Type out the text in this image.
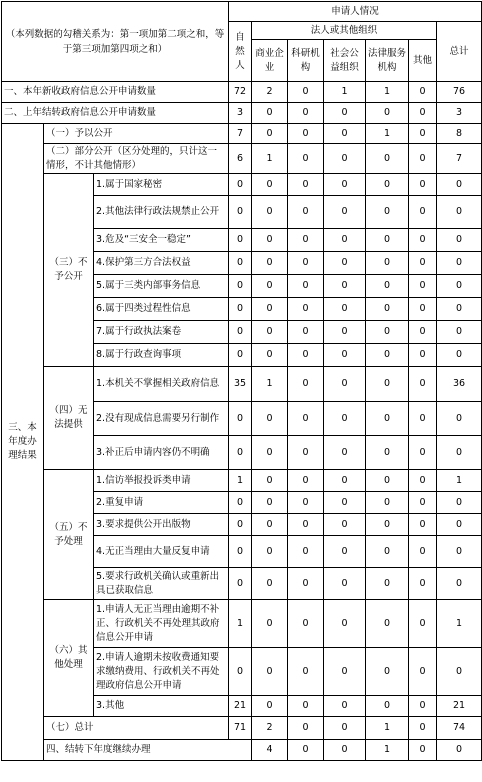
（本列数据的勾稽关系为：第一项加第二项之和，等于第三项加第四项之和）			申请人情况							
			自然人	法人或其他组织					总计	
				商业企业	科研机构	社会公益组织	法律服务机构	其他		
一、本年新收政府信息公开申请数量			72	2	0	1	1	0	76	
二、上年结转政府信息公开申请数量			3	0	0	0	0	0	3	
三、本年度办理结果	（一）予以公开		7	0	0	0	1	0	8	
	（二）部分公开（区分处理的，只计这一情形，不计其他情形）		6	1	0	0	0	0	7	
	（三）不予公开	1.属于国家秘密	0	0	0	0	0	0	0	
		2.其他法律行政法规禁止公开	0	0	0	0	0	0	0	
		3.危及“三安全一稳定”	0	0	0	0	0	0	0	
		4.保护第三方合法权益	0	0	0	0	0	0	0	
		5.属于三类内部事务信息	0	0	0	0	0	0	0	
		6.属于四类过程性信息	0	0	0	0	0	0	0	
		7.属于行政执法案卷	0	0	0	0	0	0	0	
		8.属于行政查询事项	0	0	0	0	0	0	0	
	（四）无法提供	1.本机关不掌握相关政府信息	35	1	0	0	0	0	36	
		2.没有现成信息需要另行制作	0	0	0	0	0	0	0	
		3.补正后申请内容仍不明确	0	0	0	0	0	0	0	
	（五）不予处理	1.信访举报投诉类申请	1	0	0	0	0	0	1	
		2.重复申请	0	0	0	0	0	0	0	
		3.要求提供公开出版物	0	0	0	0	0	0	0	
		4.无正当理由大量反复申请	0	0	0	0	0	0	0	
		5.要求行政机关确认或重新出具已获取信息	0	0	0	0	0	0	0	
	（六）其他处理	1.申请人无正当理由逾期不补正、行政机关不再处理其政府信息公开申请	1	0	0	0	0	0	1	
		2.申请人逾期未按收费通知要求缴纳费用、行政机关不再处理政府信息公开申请	0	0	0	0	0	0	0	
		3.其他	21	0	0	0	0	0	21	
	（七）总计		71	2	0	0	1	0	74	
	四、结转下年度继续办理			4	0	0	1	0	0	
